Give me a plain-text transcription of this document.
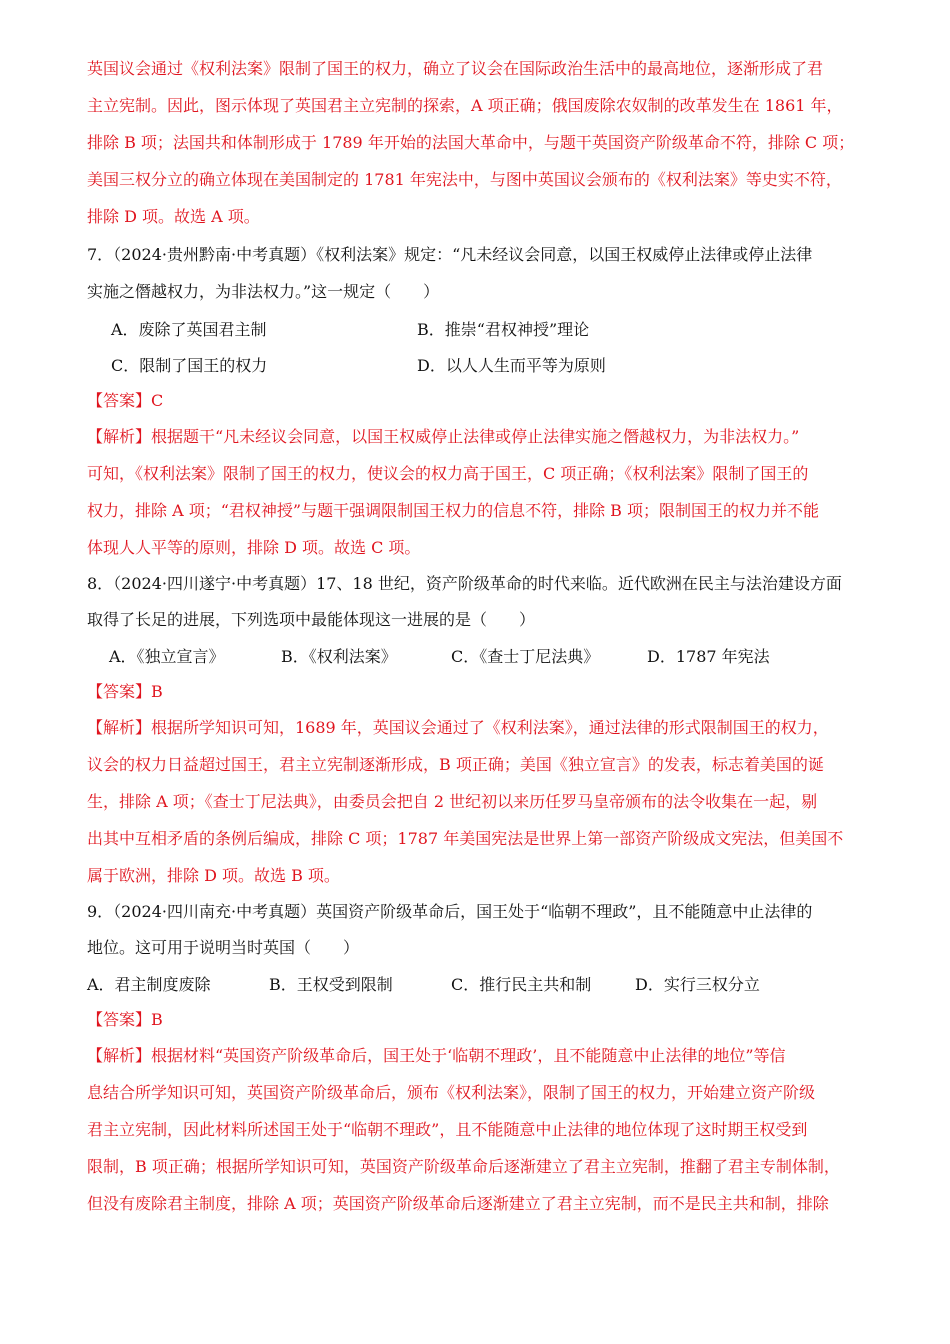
英国议会通过《权利法案》限制了国王的权力，确立了议会在国际政治生活中的最高地位，逐渐形成了君
主立宪制。因此，图示体现了英国君主立宪制的探索，A 项正确；俄国废除农奴制的改革发生在 1861 年，
排除 B 项；法国共和体制形成于 1789 年开始的法国大革命中，与题干英国资产阶级革命不符，排除 C 项；
美国三权分立的确立体现在美国制定的 1781 年宪法中，与图中英国议会颁布的《权利法案》等史实不符，
排除 D 项。故选 A 项。
7．（2024·贵州黔南·中考真题）《权利法案》规定：“凡未经议会同意，以国王权威停止法律或停止法律
实施之僭越权力，为非法权力。”这一规定（　　）
A．废除了英国君主制	B．推崇“君权神授”理论
C．限制了国王的权力	D．以人人生而平等为原则
【答案】C
【解析】根据题干“凡未经议会同意，以国王权威停止法律或停止法律实施之僭越权力，为非法权力。”
可知，《权利法案》限制了国王的权力，使议会的权力高于国王，C 项正确；《权利法案》限制了国王的
权力，排除 A 项；“君权神授”与题干强调限制国王权力的信息不符，排除 B 项；限制国王的权力并不能
体现人人平等的原则，排除 D 项。故选 C 项。
8．（2024·四川遂宁·中考真题）17、18 世纪，资产阶级革命的时代来临。近代欧洲在民主与法治建设方面
取得了长足的进展，下列选项中最能体现这一进展的是（　　）
A．《独立宣言》	B．《权利法案》	C．《查士丁尼法典》	D．1787 年宪法
【答案】B
【解析】根据所学知识可知，1689 年，英国议会通过了《权利法案》，通过法律的形式限制国王的权力，
议会的权力日益超过国王，君主立宪制逐渐形成，B 项正确；美国《独立宣言》的发表，标志着美国的诞
生，排除 A 项；《查士丁尼法典》，由委员会把自 2 世纪初以来历任罗马皇帝颁布的法令收集在一起，剔
出其中互相矛盾的条例后编成，排除 C 项；1787 年美国宪法是世界上第一部资产阶级成文宪法，但美国不
属于欧洲，排除 D 项。故选 B 项。
9．（2024·四川南充·中考真题）英国资产阶级革命后，国王处于“临朝不理政”，且不能随意中止法律的
地位。这可用于说明当时英国（　　）
A．君主制度废除	B．王权受到限制	C．推行民主共和制	D．实行三权分立
【答案】B
【解析】根据材料“英国资产阶级革命后，国王处于‘临朝不理政’，且不能随意中止法律的地位”等信
息结合所学知识可知，英国资产阶级革命后，颁布《权利法案》，限制了国王的权力，开始建立资产阶级
君主立宪制，因此材料所述国王处于“临朝不理政”，且不能随意中止法律的地位体现了这时期王权受到
限制，B 项正确；根据所学知识可知，英国资产阶级革命后逐渐建立了君主立宪制，推翻了君主专制体制，
但没有废除君主制度，排除 A 项；英国资产阶级革命后逐渐建立了君主立宪制，而不是民主共和制，排除
